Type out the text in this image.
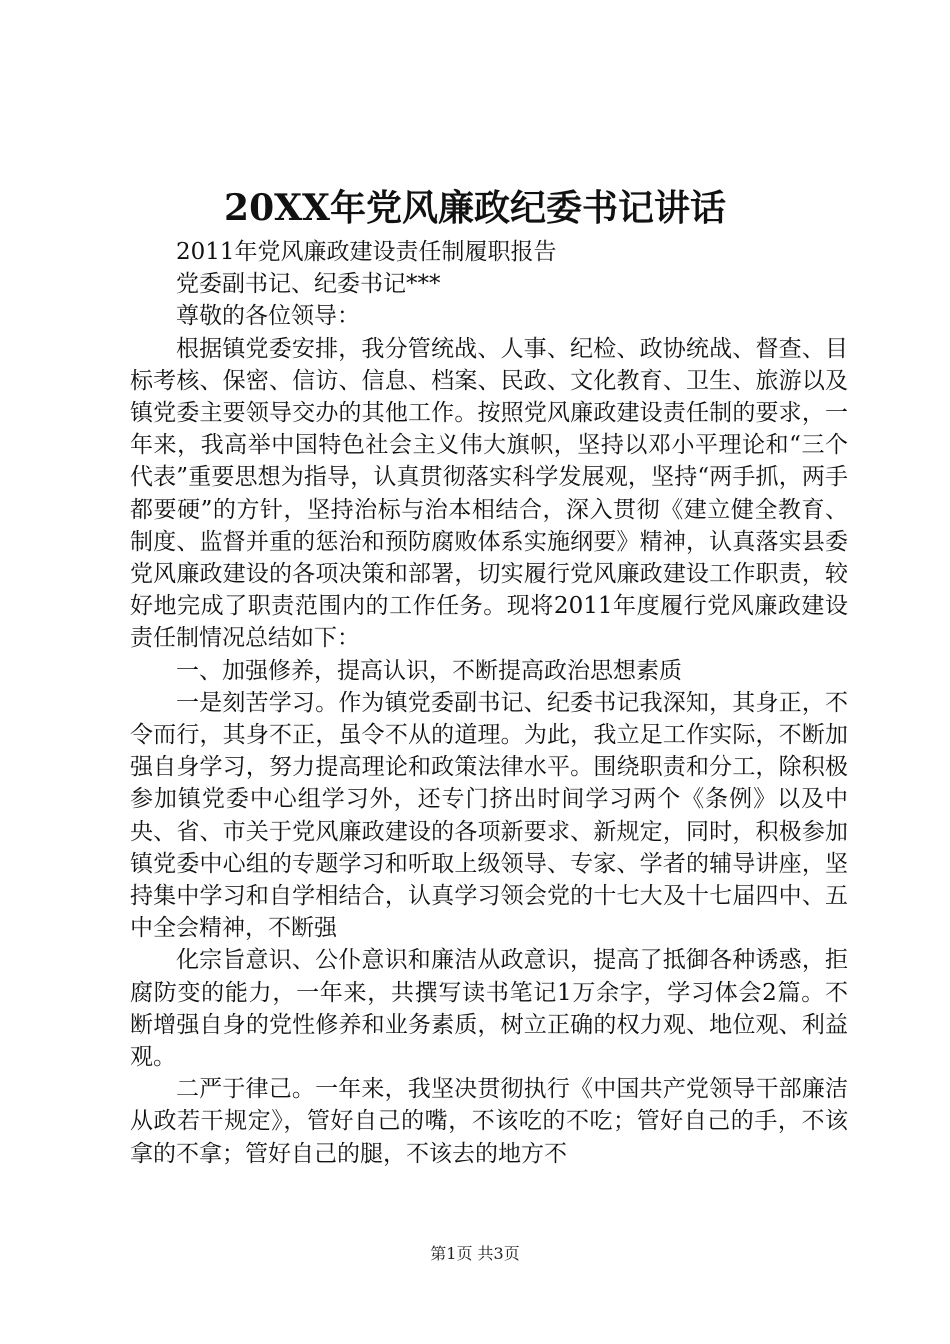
20XX年党风廉政纪委书记讲话

2011年党风廉政建设责任制履职报告

党委副书记、纪委书记***

尊敬的各位领导：

根据镇党委安排，我分管统战、人事、纪检、政协统战、督查、目标考核、保密、信访、信息、档案、民政、文化教育、卫生、旅游以及镇党委主要领导交办的其他工作。按照党风廉政建设责任制的要求，一年来，我高举中国特色社会主义伟大旗帜，坚持以邓小平理论和“三个代表”重要思想为指导，认真贯彻落实科学发展观，坚持“两手抓，两手都要硬”的方针，坚持治标与治本相结合，深入贯彻《建立健全教育、制度、监督并重的惩治和预防腐败体系实施纲要》精神，认真落实县委党风廉政建设的各项决策和部署，切实履行党风廉政建设工作职责，较好地完成了职责范围内的工作任务。现将2011年度履行党风廉政建设责任制情况总结如下：

一、加强修养，提高认识，不断提高政治思想素质

一是刻苦学习。作为镇党委副书记、纪委书记我深知，其身正，不令而行，其身不正，虽令不从的道理。为此，我立足工作实际，不断加强自身学习，努力提高理论和政策法律水平。围绕职责和分工，除积极参加镇党委中心组学习外，还专门挤出时间学习两个《条例》以及中央、省、市关于党风廉政建设的各项新要求、新规定，同时，积极参加镇党委中心组的专题学习和听取上级领导、专家、学者的辅导讲座，坚持集中学习和自学相结合，认真学习领会党的十七大及十七届四中、五中全会精神，不断强

化宗旨意识、公仆意识和廉洁从政意识，提高了抵御各种诱惑，拒腐防变的能力，一年来，共撰写读书笔记1万余字，学习体会2篇。不断增强自身的党性修养和业务素质，树立正确的权力观、地位观、利益观。

二严于律己。一年来，我坚决贯彻执行《中国共产党领导干部廉洁从政若干规定》，管好自己的嘴，不该吃的不吃；管好自己的手，不该拿的不拿；管好自己的腿，不该去的地方不

第1页 共3页
